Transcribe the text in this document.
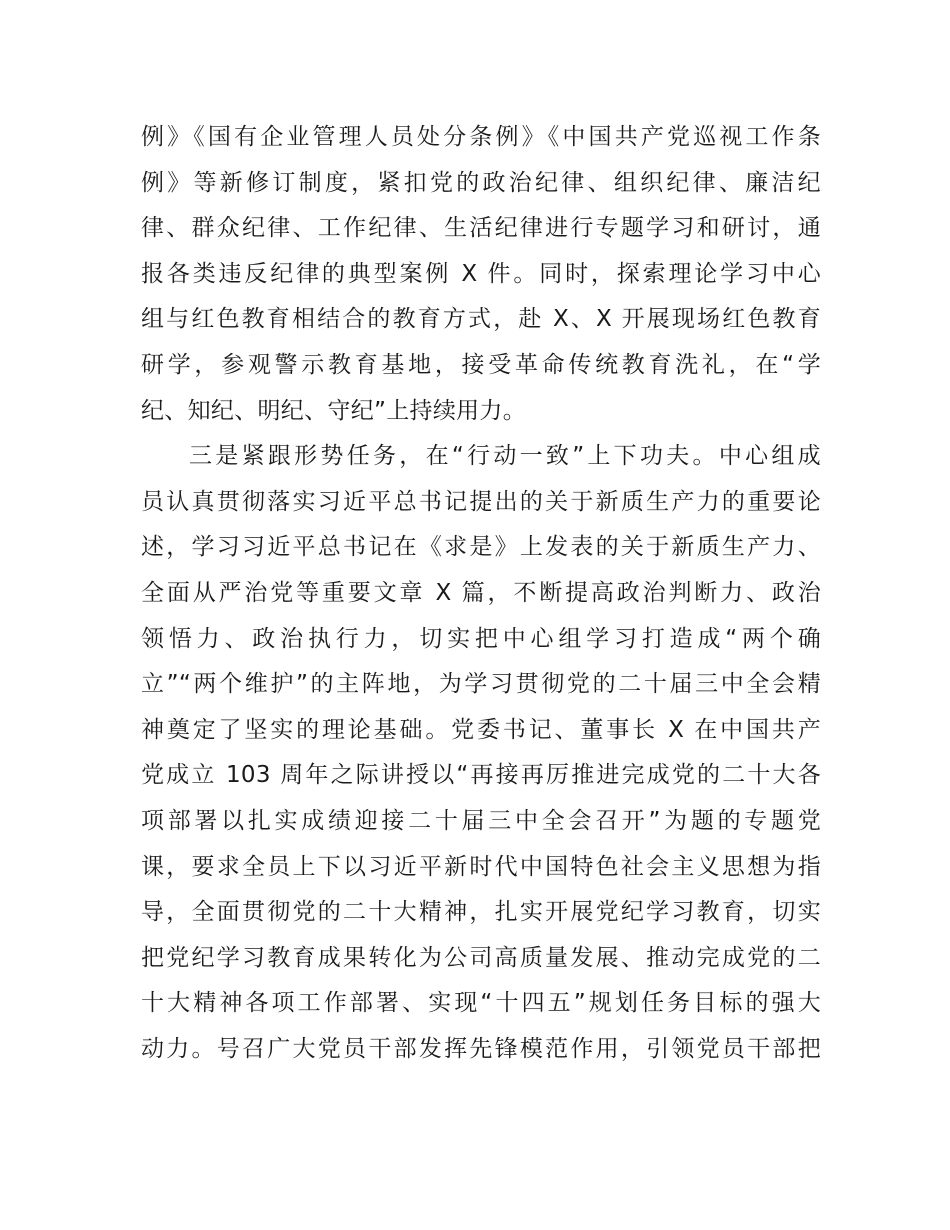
例》《国有企业管理人员处分条例》《中国共产党巡视工作条
例》等新修订制度，紧扣党的政治纪律、组织纪律、廉洁纪
律、群众纪律、工作纪律、生活纪律进行专题学习和研讨，通
报各类违反纪律的典型案例 X 件。同时，探索理论学习中心
组与红色教育相结合的教育方式，赴 X、X 开展现场红色教育
研学，参观警示教育基地，接受革命传统教育洗礼，在“学
纪、知纪、明纪、守纪”上持续用力。
三是紧跟形势任务，在“行动一致”上下功夫。中心组成
员认真贯彻落实习近平总书记提出的关于新质生产力的重要论
述，学习习近平总书记在《求是》上发表的关于新质生产力、
全面从严治党等重要文章 X 篇，不断提高政治判断力、政治
领悟力、政治执行力，切实把中心组学习打造成“两个确
立”“两个维护”的主阵地，为学习贯彻党的二十届三中全会精
神奠定了坚实的理论基础。党委书记、董事长 X 在中国共产
党成立 103 周年之际讲授以“再接再厉推进完成党的二十大各
项部署以扎实成绩迎接二十届三中全会召开”为题的专题党
课，要求全员上下以习近平新时代中国特色社会主义思想为指
导，全面贯彻党的二十大精神，扎实开展党纪学习教育，切实
把党纪学习教育成果转化为公司高质量发展、推动完成党的二
十大精神各项工作部署、实现“十四五”规划任务目标的强大
动力。号召广大党员干部发挥先锋模范作用，引领党员干部把
